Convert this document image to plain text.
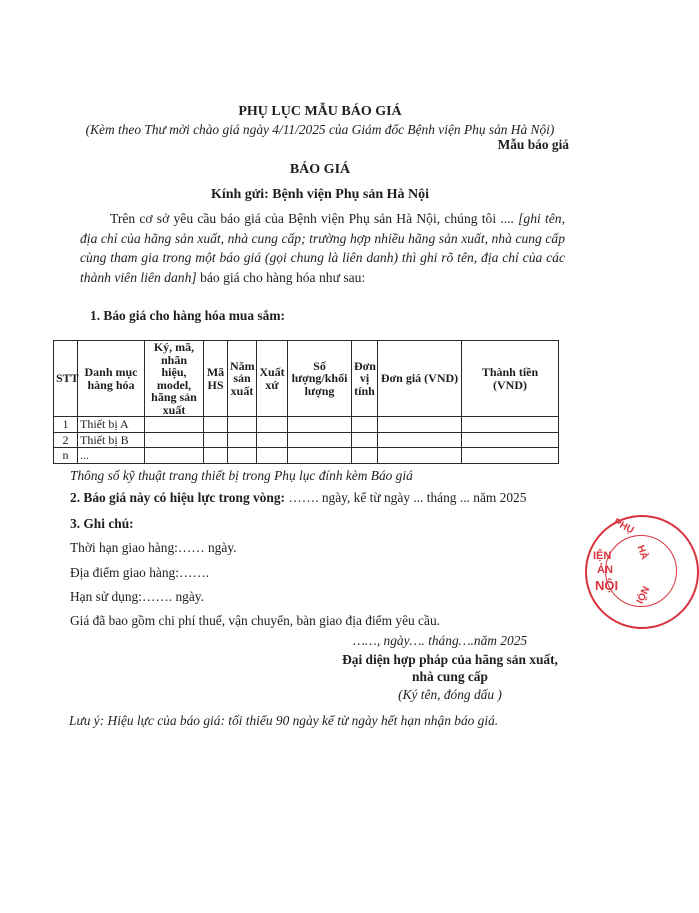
PHỤ LỤC MẪU BÁO GIÁ
(Kèm theo Thư mời chào giá ngày 4/11/2025 của Giám đốc Bệnh viện Phụ sản Hà Nội)
Mẫu báo giá
BÁO GIÁ
Kính gửi: Bệnh viện Phụ sản Hà Nội
Trên cơ sở yêu cầu báo giá của Bệnh viện Phụ sản Hà Nội, chúng tôi .... [ghi tên, địa chỉ của hãng sản xuất, nhà cung cấp; trường hợp nhiều hãng sản xuất, nhà cung cấp cùng tham gia trong một báo giá (gọi chung là liên danh) thì ghi rõ tên, địa chỉ của các thành viên liên danh] báo giá cho hàng hóa như sau:
1. Báo giá cho hàng hóa mua sắm:
STT	Danh mục hàng hóa	Ký, mã, nhãn hiệu, model, hãng sản xuất	Mã HS	Năm sản xuất	Xuất xứ	Số lượng/khối lượng	Đơn vị tính	Đơn giá (VND)	Thành tiền (VND)
1	Thiết bị A								
2	Thiết bị B								
n	...								
Thông số kỹ thuật trang thiết bị trong Phụ lục đính kèm Báo giá
2. Báo giá này có hiệu lực trong vòng: ……. ngày, kể từ ngày ... tháng ... năm 2025
3. Ghi chú:
Thời hạn giao hàng:…… ngày.
Địa điểm giao hàng:…….
Hạn sử dụng:……. ngày.
Giá đã bao gồm chi phí thuế, vận chuyển, bàn giao địa điểm yêu cầu.
……, ngày…. tháng….năm 2025
Đại diện hợp pháp của hãng sản xuất,
nhà cung cấp
(Ký tên, đóng dấu )
Lưu ý: Hiệu lực của báo giá: tối thiểu 90 ngày kể từ ngày hết hạn nhận báo giá.
PHỤ
HÀ
NỘI
IỆN
ẢN
NỘI
